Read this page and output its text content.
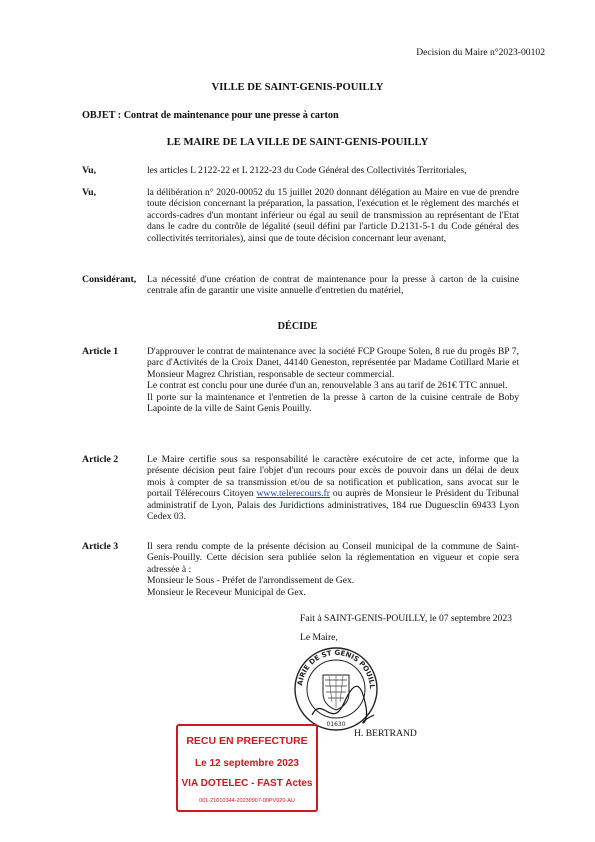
Decision du Maire n°2023-00102
VILLE DE SAINT-GENIS-POUILLY
OBJET : Contrat de maintenance pour une presse à carton
LE MAIRE DE LA VILLE DE SAINT-GENIS-POUILLY
Vu,	les articles L 2122-22 et L 2122-23 du Code Général des Collectivités Territoriales,

Vu,	la délibération n° 2020-00052 du 15 juillet 2020 donnant délégation au Maire en vue de prendre toute décision concernant la préparation, la passation, l'exécution et le règlement des marchés et accords-cadres d'un montant inférieur ou égal au seuil de transmission au représentant de l'Etat dans le cadre du contrôle de légalité (seuil défini par l'article D.2131-5-1 du Code général des collectivités territoriales), ainsi que de toute décision concernant leur avenant,

Considérant, La nécessité d'une création de contrat de maintenance pour la presse à carton de la cuisine centrale afin de garantir une visite annuelle d'entretien du matériel,

DÉCIDE
Article 1	D'approuver le contrat de maintenance avec la société FCP Groupe Solen, 8 rue du progès BP 7, parc d'Activités de la Croix Danet, 44140 Geneston, représentée par Madame Cotillard Marie et Monsieur Magrez Christian, responsable de secteur commercial.

Le contrat est conclu pour une durée d'un an, renouvelable 3 ans au tarif de 261€ TTC annuel.

Il porte sur la maintenance et l'entretien de la presse à carton de la cuisine centrale de Boby Lapointe de la ville de Saint Genis Pouilly.

Article 2	Le Maire certifie sous sa responsabilité le caractère exécutoire de cet acte, informe que la présente décision peut faire l'objet d'un recours pour excès de pouvoir dans un délai de deux mois à compter de sa transmission et/ou de sa notification et publication, sans avocat sur le portail Télérecours Citoyen www.telerecours.fr ou auprès de Monsieur le Président du Tribunal administratif de Lyon, Palais des Juridictions administratives, 184 rue Duguesclin 69433 Lyon Cedex 03.

Article 3	Il sera rendu compte de la présente décision au Conseil municipal de la commune de Saint-Genis-Pouilly. Cette décision sera publiée selon la réglementation en vigueur et copie sera adressée à :

Monsieur le Sous - Préfet de l'arrondissement de Gex.

Monsieur le Receveur Municipal de Gex.

Fait à SAINT-GENIS-POUILLY, le 07 septembre 2023
Le Maire,
AIRIE DE ST GENIS POUILL
01630
H. BERTRAND
RECU EN PREFECTURE
Le 12 septembre 2023
VIA DOTELEC - FAST Actes
001-21010344-20230907-00PV020-AU
